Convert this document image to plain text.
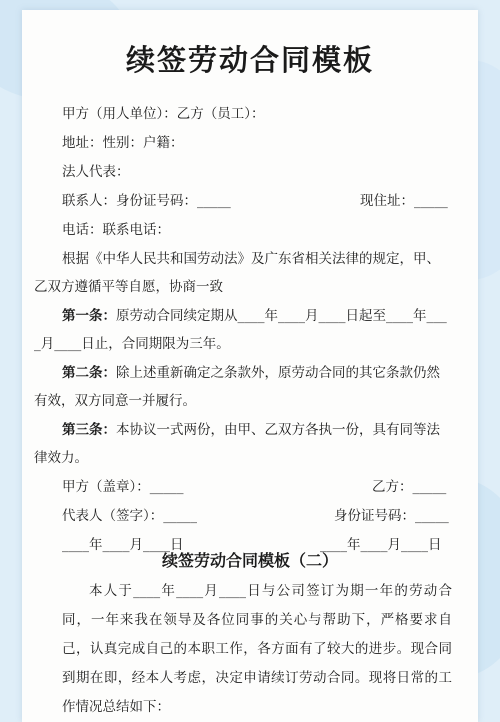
续签劳动合同模板
甲方（用人单位）：乙方（员工）：
地址：性别：户籍：
法人代表：
联系人：身份证号码：_____	现住址：_____
电话：联系电话：
根据《中华人民共和国劳动法》及广东省相关法律的规定，甲、
乙双方遵循平等自愿，协商一致
第一条：原劳动合同续定期从____年____月____日起至____年___
_月____日止，合同期限为三年。
第二条：除上述重新确定之条款外，原劳动合同的其它条款仍然
有效，双方同意一并履行。
第三条：本协议一式两份，由甲、乙双方各执一份，具有同等法
律效力。
甲方（盖章）：_____	乙方：_____
代表人（签字）：_____	身份证号码：_____
____年____月____日	____年____月____日
续签劳动合同模板（二）
本人于____年____月____日与公司签订为期一年的劳动合同，一年来我在领导及各位同事的关心与帮助下，严格要求自己，认真完成自己的本职工作，各方面有了较大的进步。现合同到期在即，经本人考虑，决定申请续订劳动合同。现将日常的工作情况总结如下：
